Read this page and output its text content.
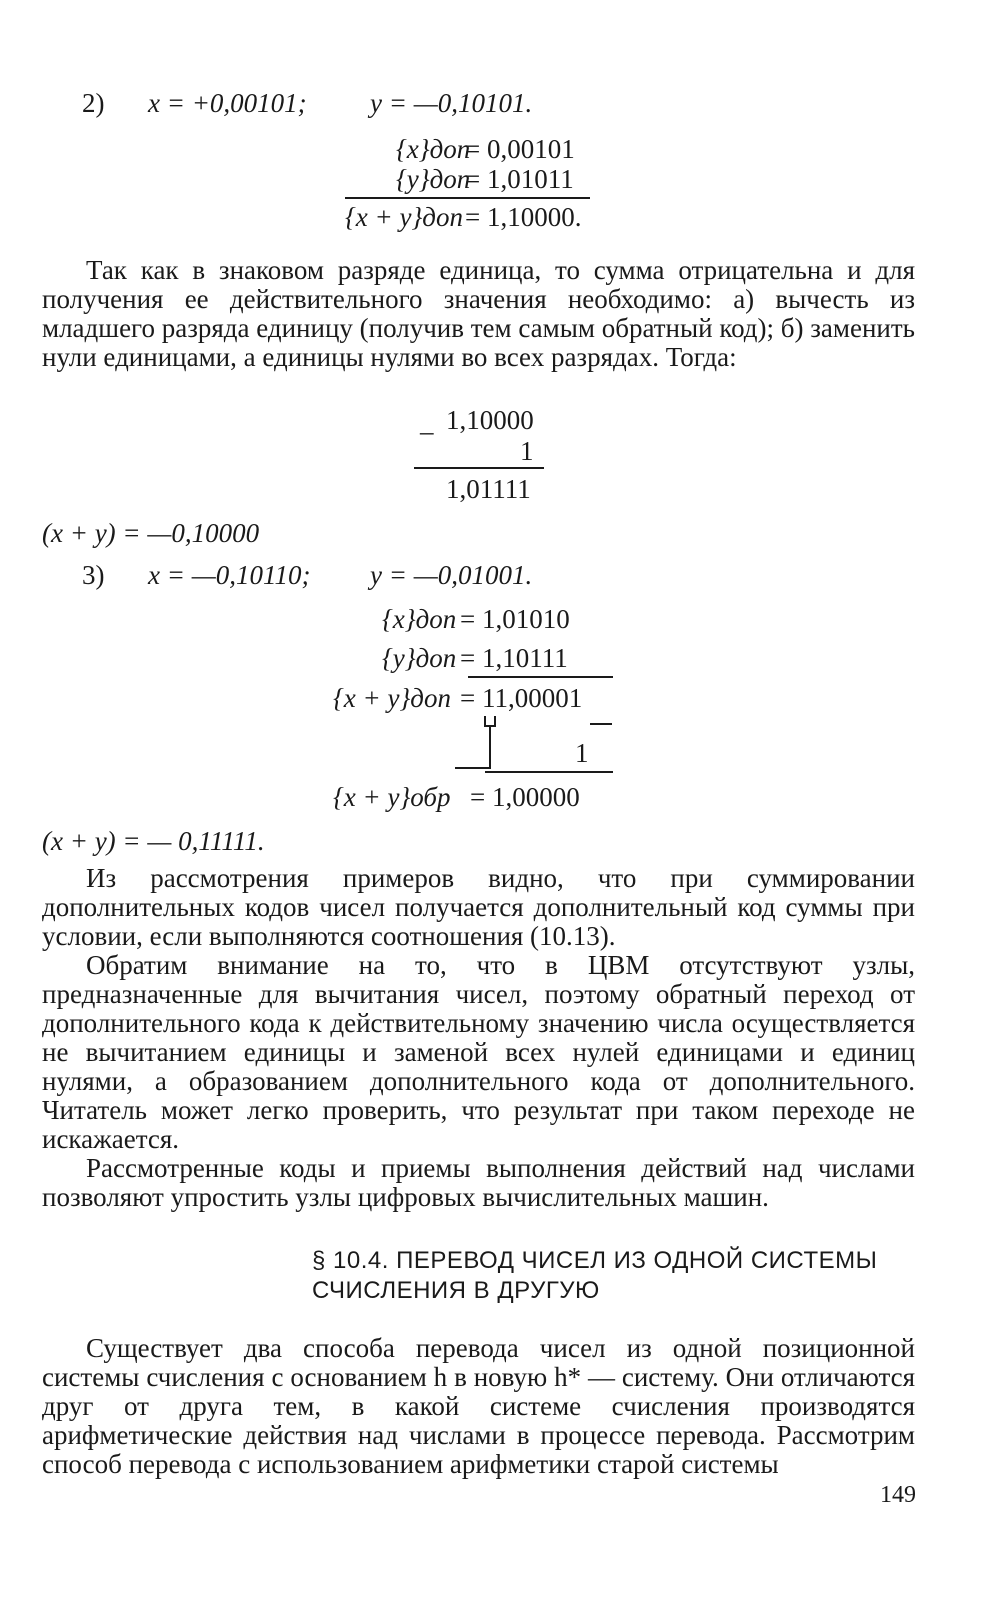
2) x = +0,00101; y = —0,10101.
{x}доп
= 0,00101
{y}доп
= 1,01011
{x + y}доп = 1,10000.

Так как в знаковом разряде единица, то сумма отрицательна и для получения ее действительного значения необходимо: а) вычесть из младшего разряда единицу (получив тем самым обратный код); б) заменить нули единицами, а единицы нулями во всех разрядах. Тогда:

_ 1,10000
1
1,01111
(x + y) = —0,10000
3) x = —0,10110; y = —0,01001.
{x}доп = 1,01010
{y}доп = 1,10111
{x + y}доп = 11,00001
1
{x + y}обр = 1,00000
(x + y) = — 0,11111.

Из рассмотрения примеров видно, что при суммировании дополнительных кодов чисел получается дополнительный код суммы при условии, если выполняются соотношения (10.13).

Обратим внимание на то, что в ЦВМ отсутствуют узлы, предназначенные для вычитания чисел, поэтому обратный переход от дополнительного кода к действительному значению числа осуществляется не вычитанием единицы и заменой всех нулей единицами и единиц нулями, а образованием дополнительного кода от дополнительного. Читатель может легко проверить, что результат при таком переходе не искажается.

Рассмотренные коды и приемы выполнения действий над числами позволяют упростить узлы цифровых вычислительных машин.

§ 10.4. ПЕРЕВОД ЧИСЕЛ ИЗ ОДНОЙ СИСТЕМЫ
СЧИСЛЕНИЯ В ДРУГУЮ

Существует два способа перевода чисел из одной позиционной системы счисления с основанием h в новую h* — систему. Они отличаются друг от друга тем, в какой системе счисления производятся арифметические действия над числами в процессе перевода. Рассмотрим способ перевода с использованием арифметики старой системы

149
